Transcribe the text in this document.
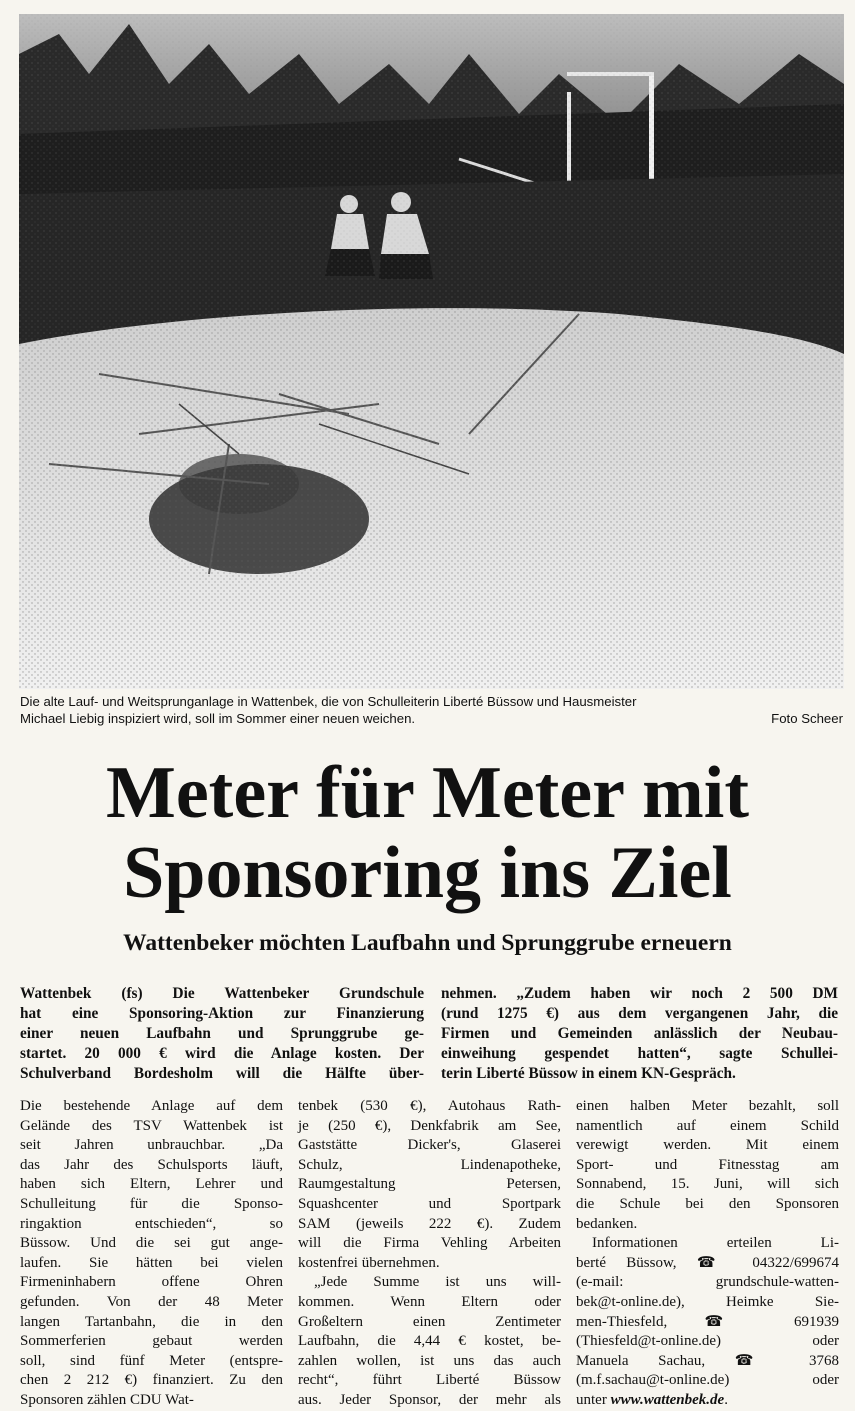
Die alte Lauf- und Weitsprunganlage in Wattenbek, die von Schulleiterin Liberté Büssow und Hausmeister
Michael Liebig inspiziert wird, soll im Sommer einer neuen weichen.	Foto Scheer
Meter für Meter mit
Sponsoring ins Ziel
Wattenbeker möchten Laufbahn und Sprunggrube erneuern
Wattenbek (fs) Die Wattenbeker Grundschule
hat eine Sponsoring-Aktion zur Finanzierung
einer neuen Laufbahn und Sprunggrube ge-
startet. 20 000 € wird die Anlage kosten. Der
Schulverband Bordesholm will die Hälfte über-
nehmen. „Zudem haben wir noch 2 500 DM
(rund 1275 €) aus dem vergangenen Jahr, die
Firmen und Gemeinden anlässlich der Neubau-
einweihung gespendet hatten“, sagte Schullei-
terin Liberté Büssow in einem KN-Gespräch.
Die bestehende Anlage auf dem
Gelände des TSV Wattenbek ist
seit Jahren unbrauchbar. „Da
das Jahr des Schulsports läuft,
haben sich Eltern, Lehrer und
Schulleitung für die Sponso-
ringaktion entschieden“, so
Büssow. Und die sei gut ange-
laufen. Sie hätten bei vielen
Firmeninhabern offene Ohren
gefunden. Von der 48 Meter
langen Tartanbahn, die in den
Sommerferien gebaut werden
soll, sind fünf Meter (entspre-
chen 2 212 €) finanziert. Zu den
Sponsoren zählen CDU Wat-
tenbek (530 €), Autohaus Rath-
je (250 €), Denkfabrik am See,
Gaststätte Dicker's, Glaserei
Schulz, Lindenapotheke,
Raumgestaltung Petersen,
Squashcenter und Sportpark
SAM (jeweils 222 €). Zudem
will die Firma Vehling Arbeiten
kostenfrei übernehmen.
„Jede Summe ist uns will-
kommen. Wenn Eltern oder
Großeltern einen Zentimeter
Laufbahn, die 4,44 € kostet, be-
zahlen wollen, ist uns das auch
recht“, führt Liberté Büssow
aus. Jeder Sponsor, der mehr als
einen halben Meter bezahlt, soll
namentlich auf einem Schild
verewigt werden. Mit einem
Sport- und Fitnesstag am
Sonnabend, 15. Juni, will sich
die Schule bei den Sponsoren
bedanken.
Informationen erteilen Li-
berté Büssow, ☎ 04322/699674
(e-mail: grundschule-watten-
bek@t-online.de), Heimke Sie-
men-Thiesfeld, ☎ 691939
(Thiesfeld@t-online.de) oder
Manuela Sachau, ☎ 3768
(m.f.sachau@t-online.de) oder
unter www.wattenbek.de.
